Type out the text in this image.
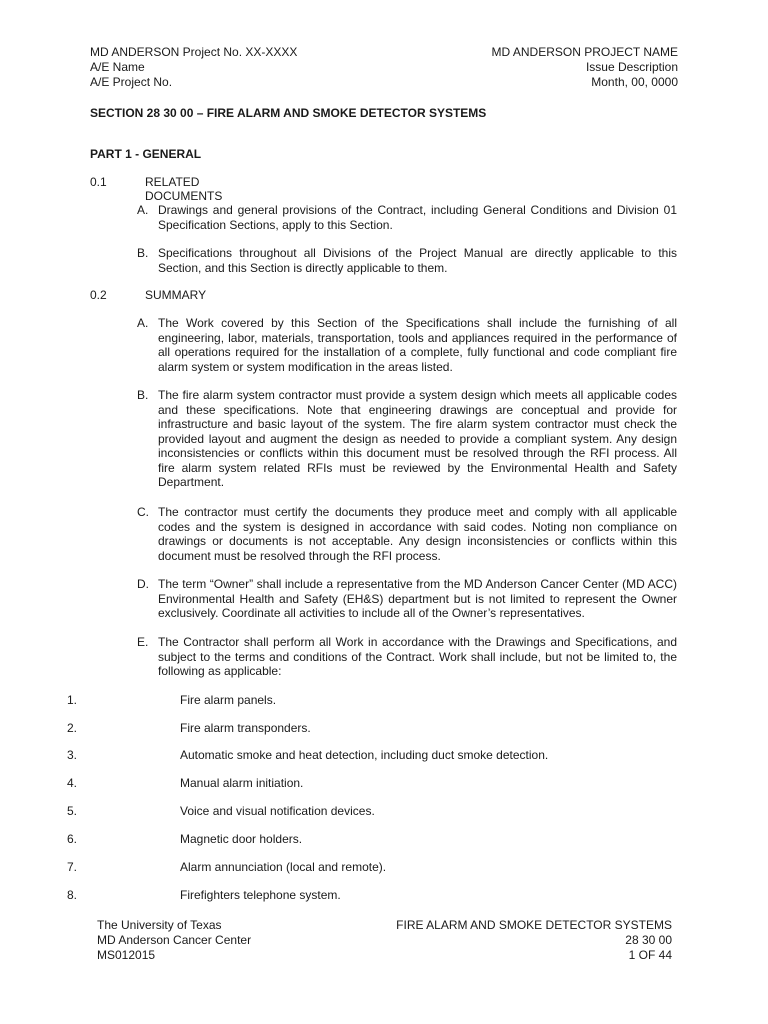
MD ANDERSON Project No. XX-XXXX
A/E Name
A/E Project No.
MD ANDERSON PROJECT NAME
Issue Description
Month, 00, 0000
SECTION 28 30 00 – FIRE ALARM AND SMOKE DETECTOR SYSTEMS
PART 1 - GENERAL
0.1	RELATED DOCUMENTS
A. Drawings and general provisions of the Contract, including General Conditions and Division 01 Specification Sections, apply to this Section.
B. Specifications throughout all Divisions of the Project Manual are directly applicable to this Section, and this Section is directly applicable to them.
0.2	SUMMARY
A. The Work covered by this Section of the Specifications shall include the furnishing of all engineering, labor, materials, transportation, tools and appliances required in the performance of all operations required for the installation of a complete, fully functional and code compliant fire alarm system or system modification in the areas listed.
B. The fire alarm system contractor must provide a system design which meets all applicable codes and these specifications. Note that engineering drawings are conceptual and provide for infrastructure and basic layout of the system. The fire alarm system contractor must check the provided layout and augment the design as needed to provide a compliant system. Any design inconsistencies or conflicts within this document must be resolved through the RFI process. All fire alarm system related RFIs must be reviewed by the Environmental Health and Safety Department.
C. The contractor must certify the documents they produce meet and comply with all applicable codes and the system is designed in accordance with said codes. Noting non compliance on drawings or documents is not acceptable. Any design inconsistencies or conflicts within this document must be resolved through the RFI process.
D. The term “Owner” shall include a representative from the MD Anderson Cancer Center (MD ACC) Environmental Health and Safety (EH&S) department but is not limited to represent the Owner exclusively. Coordinate all activities to include all of the Owner’s representatives.
E. The Contractor shall perform all Work in accordance with the Drawings and Specifications, and subject to the terms and conditions of the Contract. Work shall include, but not be limited to, the following as applicable:
1.	Fire alarm panels.
2.	Fire alarm transponders.
3.	Automatic smoke and heat detection, including duct smoke detection.
4.	Manual alarm initiation.
5.	Voice and visual notification devices.
6.	Magnetic door holders.
7.	Alarm annunciation (local and remote).
8.	Firefighters telephone system.
The University of Texas
MD Anderson Cancer Center
MS012015
FIRE ALARM AND SMOKE DETECTOR SYSTEMS
28 30 00
1 OF 44
